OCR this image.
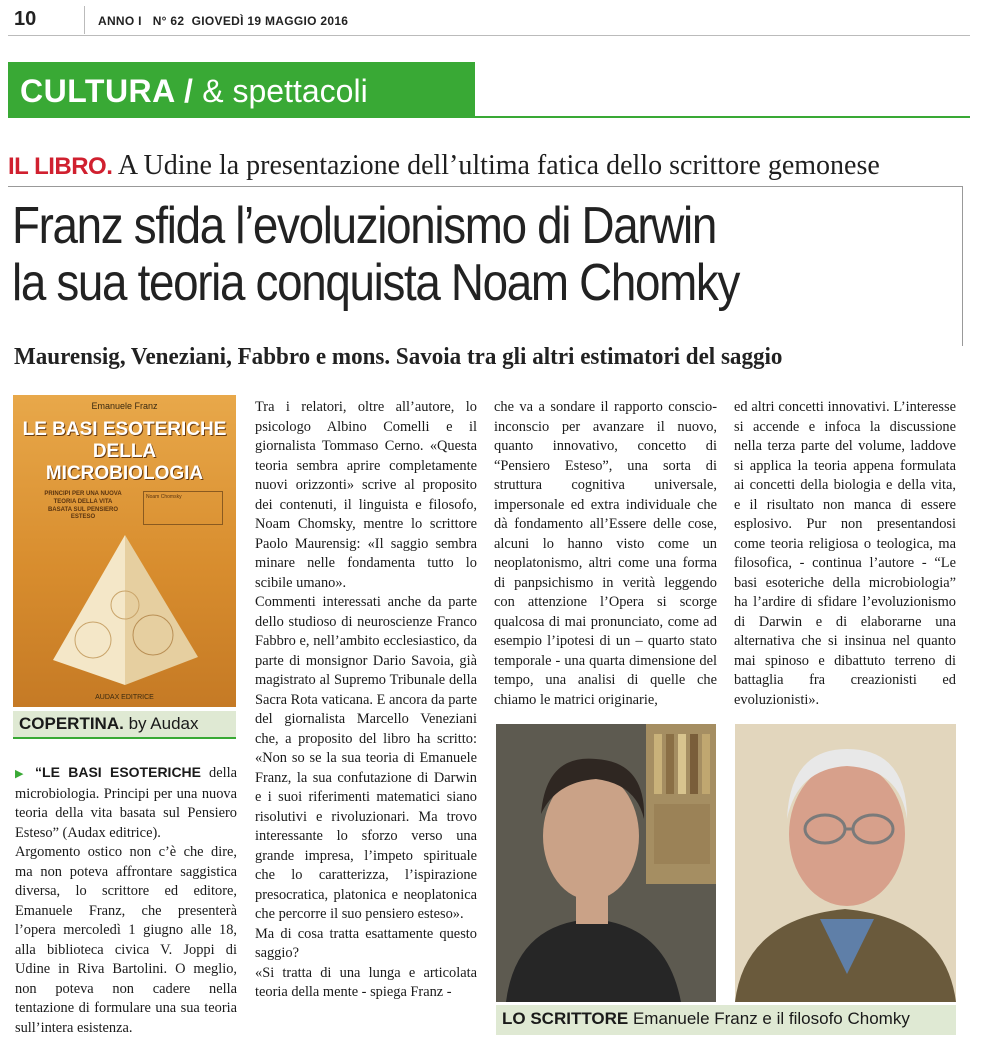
10	ANNO I   N° 62  GIOVEDÌ 19 MAGGIO 2016
CULTURA / & spettacoli
IL LIBRO. A Udine la presentazione dell’ultima fatica dello scrittore gemonese
Franz sfida l’evoluzionismo di Darwin
la sua teoria conquista Noam Chomky
Maurensig, Veneziani, Fabbro e mons. Savoia tra gli altri estimatori del saggio
Emanuele Franz
LE BASI ESOTERICHE
DELLA MICROBIOLOGIA
PRINCIPI PER UNA NUOVA TEORIA DELLA VITA BASATA SUL PENSIERO ESTESO
Noam Chomsky
AUDAX EDITRICE
COPERTINA. by Audax

▶ “LE BASI ESOTERICHE della microbiologia. Principi per una nuova teoria della vita basata sul Pensiero Esteso” (Audax editrice).

Argomento ostico non c’è che dire, ma non poteva affrontare saggistica diversa, lo scrittore ed editore, Emanuele Franz, che presenterà l’opera mercoledì 1 giugno alle 18, alla biblioteca civica V. Joppi di Udine in Riva Bartolini. O meglio, non poteva non cadere nella tentazione di formulare una sua teoria sull’intera esistenza.

Tra i relatori, oltre all’autore, lo psicologo Albino Comelli e il giornalista Tommaso Cerno. «Questa teoria sembra aprire completamente nuovi orizzonti» scrive al proposito dei contenuti, il linguista e filosofo, Noam Chomsky, mentre lo scrittore Paolo Maurensig: «Il saggio sembra minare nelle fondamenta tutto lo scibile umano».

Commenti interessati anche da parte dello studioso di neuroscienze Franco Fabbro e, nell’ambito ecclesiastico, da parte di monsignor Dario Savoia, già magistrato al Supremo Tribunale della Sacra Rota vaticana. E ancora da parte del giornalista Marcello Veneziani che, a proposito del libro ha scritto: «Non so se la sua teoria di Emanuele Franz, la sua confutazione di Darwin e i suoi riferimenti matematici siano risolutivi e rivoluzionari. Ma trovo interessante lo sforzo verso una grande impresa, l’impeto spirituale che lo caratterizza, l’ispirazione presocratica, platonica e neoplatonica che percorre il suo pensiero esteso».

Ma di cosa tratta esattamente questo saggio?

«Si tratta di una lunga e articolata teoria della mente - spiega Franz -

che va a sondare il rapporto conscio-inconscio per avanzare il nuovo, quanto innovativo, concetto di “Pensiero Esteso”, una sorta di struttura cognitiva universale, impersonale ed extra individuale che dà fondamento all’Essere delle cose, alcuni lo hanno visto come un neoplatonismo, altri come una forma di panpsichismo in verità leggendo con attenzione l’Opera si scorge qualcosa di mai pronunciato, come ad esempio l’ipotesi di un – quarto stato temporale - una quarta dimensione del tempo, una analisi di quelle che chiamo le matrici originarie,

ed altri concetti innovativi. L’interesse si accende e infoca la discussione nella terza parte del volume, laddove si applica la teoria appena formulata ai concetti della biologia e della vita, e il risultato non manca di essere esplosivo. Pur non presentandosi come teoria religiosa o teologica, ma filosofica, - continua l’autore - “Le basi esoteriche della microbiologia” ha l’ardire di sfidare l’evoluzionismo di Darwin e di elaborarne una alternativa che si insinua nel quanto mai spinoso e dibattuto terreno di battaglia fra creazionisti ed evoluzionisti».

LO SCRITTORE Emanuele Franz e il filosofo Chomky
